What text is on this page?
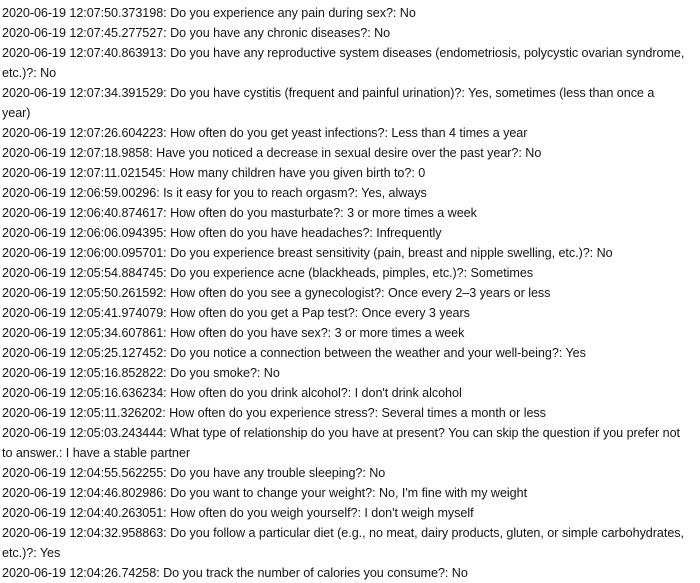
2020-06-19 12:07:50.373198: Do you experience any pain during sex?: No
2020-06-19 12:07:45.277527: Do you have any chronic diseases?: No
2020-06-19 12:07:40.863913: Do you have any reproductive system diseases (endometriosis, polycystic ovarian syndrome, etc.)?: No
2020-06-19 12:07:34.391529: Do you have cystitis (frequent and painful urination)?: Yes, sometimes (less than once a year)
2020-06-19 12:07:26.604223: How often do you get yeast infections?: Less than 4 times a year
2020-06-19 12:07:18.9858: Have you noticed a decrease in sexual desire over the past year?: No
2020-06-19 12:07:11.021545: How many children have you given birth to?: 0
2020-06-19 12:06:59.00296: Is it easy for you to reach orgasm?: Yes, always
2020-06-19 12:06:40.874617: How often do you masturbate?: 3 or more times a week
2020-06-19 12:06:06.094395: How often do you have headaches?: Infrequently
2020-06-19 12:06:00.095701: Do you experience breast sensitivity (pain, breast and nipple swelling, etc.)?: No
2020-06-19 12:05:54.884745: Do you experience acne (blackheads, pimples, etc.)?: Sometimes
2020-06-19 12:05:50.261592: How often do you see a gynecologist?: Once every 2–3 years or less
2020-06-19 12:05:41.974079: How often do you get a Pap test?: Once every 3 years
2020-06-19 12:05:34.607861: How often do you have sex?: 3 or more times a week
2020-06-19 12:05:25.127452: Do you notice a connection between the weather and your well-being?: Yes
2020-06-19 12:05:16.852822: Do you smoke?: No
2020-06-19 12:05:16.636234: How often do you drink alcohol?: I don't drink alcohol
2020-06-19 12:05:11.326202: How often do you experience stress?: Several times a month or less
2020-06-19 12:05:03.243444: What type of relationship do you have at present? You can skip the question if you prefer not to answer.: I have a stable partner
2020-06-19 12:04:55.562255: Do you have any trouble sleeping?: No
2020-06-19 12:04:46.802986: Do you want to change your weight?: No, I'm fine with my weight
2020-06-19 12:04:40.263051: How often do you weigh yourself?: I don't weigh myself
2020-06-19 12:04:32.958863: Do you follow a particular diet (e.g., no meat, dairy products, gluten, or simple carbohydrates, etc.)?: Yes
2020-06-19 12:04:26.74258: Do you track the number of calories you consume?: No
